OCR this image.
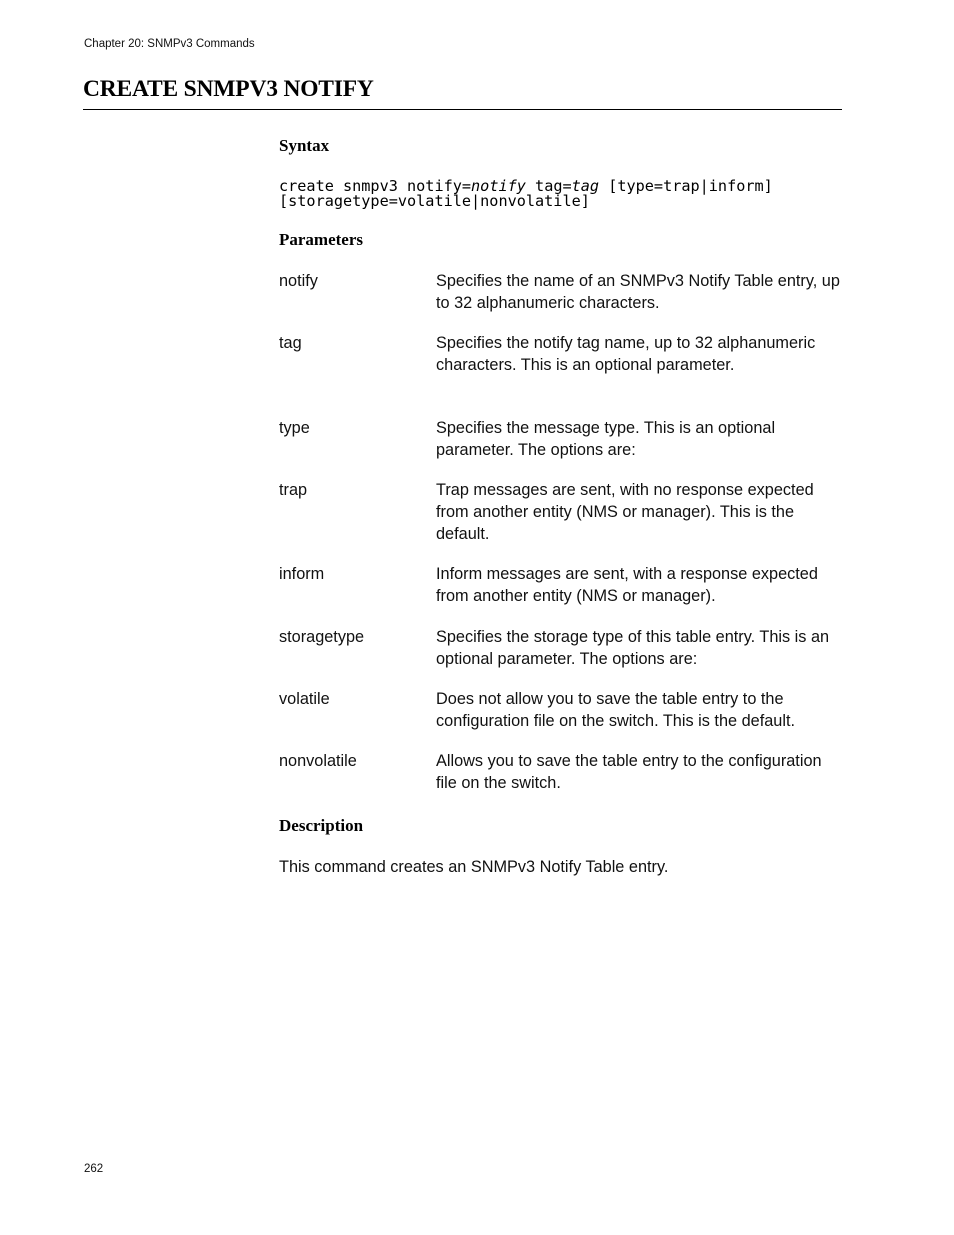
Chapter 20: SNMPv3 Commands
CREATE SNMPV3 NOTIFY
Syntax
create snmpv3 notify=notify tag=tag [type=trap|inform]
[storagetype=volatile|nonvolatile]
Parameters
notify	Specifies the name of an SNMPv3 Notify Table entry, up to 32 alphanumeric characters.
tag	Specifies the notify tag name, up to 32 alphanumeric characters. This is an optional parameter.
type	Specifies the message type. This is an optional parameter. The options are:
trap	Trap messages are sent, with no response expected from another entity (NMS or manager). This is the default.
inform	Inform messages are sent, with a response expected from another entity (NMS or manager).
storagetype	Specifies the storage type of this table entry. This is an optional parameter. The options are:
volatile	Does not allow you to save the table entry to the configuration file on the switch. This is the default.
nonvolatile	Allows you to save the table entry to the configuration file on the switch.
Description
This command creates an SNMPv3 Notify Table entry.
262
